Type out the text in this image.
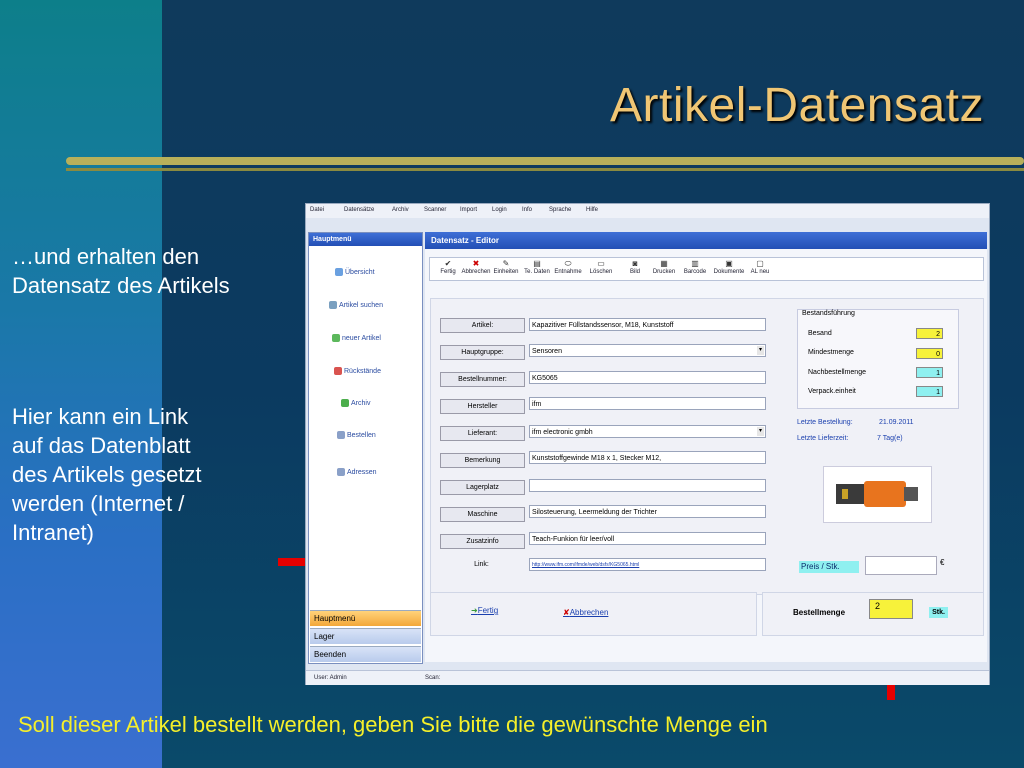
Artikel-Datensatz
…und erhalten den
Datensatz des Artikels
Hier kann ein Link
auf das Datenblatt
des Artikels gesetzt
werden (Internet /
Intranet)
Soll dieser Artikel bestellt werden, geben Sie bitte die gewünschte Menge ein
Datei	Datensätze	Archiv	Scanner Import Login	Info	Sprache Hilfe
Hauptmenü
Übersicht
Artikel suchen
neuer Artikel
Rückstände
Archiv
Bestellen
Adressen
Hauptmenü
Lager
Beenden
Datensatz - Editor
✔
Fertig
✖
Abbrechen
✎
Einheiten
▤
Te. Daten
⬭
Entnahme
▭
Löschen
◙
Bild
▦
Drucken
▥
Barcode
▣
Dokumente
▢
AL neu
Artikel:	Kapazitiver Füllstandssensor, M18, Kunststoff
Hauptgruppe:	Sensoren	▾
Bestellnummer:	KG5065
Hersteller	ifm
Lieferant:	ifm electronic gmbh	▾
Bemerkung	Kunststoffgewinde M18 x 1, Stecker M12,
Lagerplatz
Maschine	Silosteuerung, Leermeldung der Trichter
Zusatzinfo	Teach-Funkion für leer/voll
Link:	http://www.ifm.com/ifmde/web/dsfs!KG5065.html
Bestandsführung
Besand	2
Mindestmenge	0
Nachbestellmenge	1
Verpack.einheit	1
Letzte Bestellung:	21.09.2011
Letzte Lieferzeit:	7 Tag(e)
Preis / Stk.	€
➜Fertig	✘Abbrechen	Bestellmenge
2
Stk.
User: Admin	Scan:
